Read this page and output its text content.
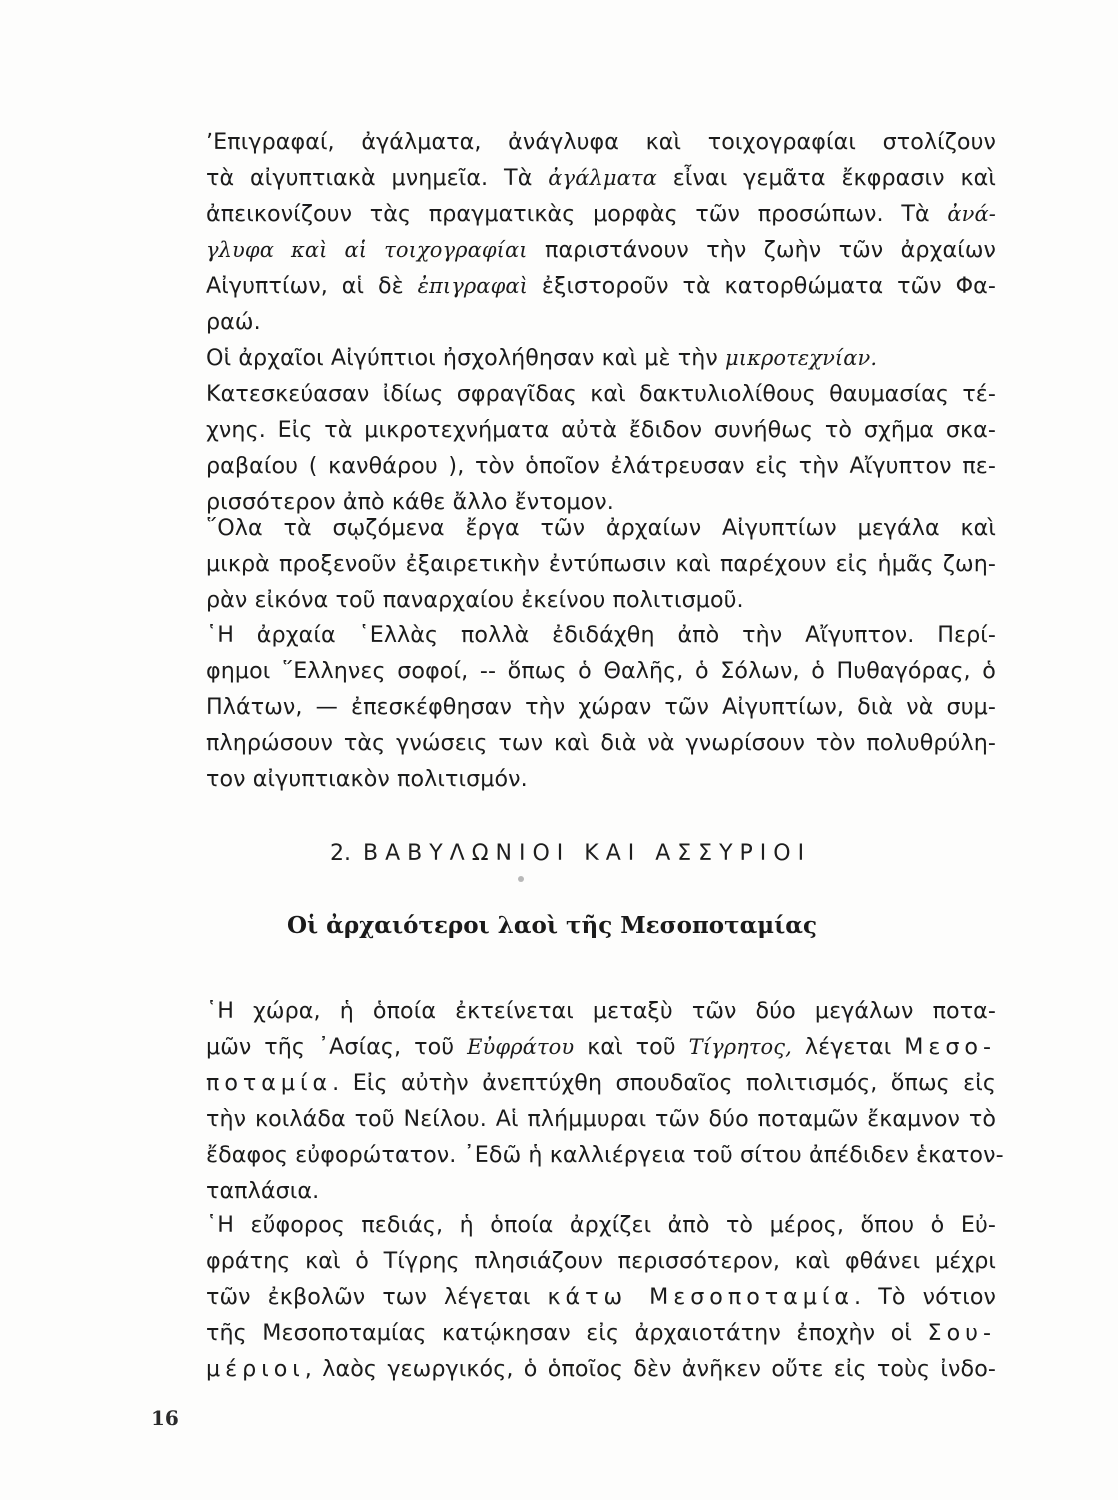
ʼΕπιγραφαί, ἀγάλματα, ἀνάγλυφα καὶ τοιχογραφίαι στολίζουν
τὰ αἰγυπτιακὰ μνημεῖα. Τὰ ἀγάλματα εἶναι γεμᾶτα ἔκφρασιν καὶ
ἀπεικονίζουν τὰς πραγματικὰς μορφὰς τῶν προσώπων. Τὰ ἀνά-
γλυφα καὶ αἱ τοιχογραφίαι παριστάνουν τὴν ζωὴν τῶν ἀρχαίων
Αἰγυπτίων, αἱ δὲ ἐπιγραφαὶ ἐξιστοροῦν τὰ κατορθώματα τῶν Φα-
ραώ.
Οἱ ἀρχαῖοι Αἰγύπτιοι ἠσχολήθησαν καὶ μὲ τὴν μικροτεχνίαν.
Κατεσκεύασαν ἰδίως σφραγῖδας καὶ δακτυλιολίθους θαυμασίας τέ-
χνης. Εἰς τὰ μικροτεχνήματα αὐτὰ ἔδιδον συνήθως τὸ σχῆμα σκα-
ραβαίου ( κανθάρου ), τὸν ὁποῖον ἐλάτρευσαν εἰς τὴν Αἴγυπτον πε-
ρισσότερον ἀπὸ κάθε ἄλλο ἔντομον.
῞Ολα τὰ σῳζόμενα ἔργα τῶν ἀρχαίων Αἰγυπτίων μεγάλα καὶ
μικρὰ προξενοῦν ἐξαιρετικὴν ἐντύπωσιν καὶ παρέχουν εἰς ἡμᾶς ζωη-
ρὰν εἰκόνα τοῦ παναρχαίου ἐκείνου πολιτισμοῦ.
῾Η ἀρχαία ῾Ελλὰς πολλὰ ἐδιδάχθη ἀπὸ τὴν Αἴγυπτον. Περί-
φημοι ῞Ελληνες σοφοί, -- ὅπως ὁ Θαλῆς, ὁ Σόλων, ὁ Πυθαγόρας, ὁ
Πλάτων, — ἐπεσκέφθησαν τὴν χώραν τῶν Αἰγυπτίων, διὰ νὰ συμ-
πληρώσουν τὰς γνώσεις των καὶ διὰ νὰ γνωρίσουν τὸν πολυθρύλη-
τον αἰγυπτιακὸν πολιτισμόν.
2. ΒΑΒΥΛΩΝΙΟΙ ΚΑΙ ΑΣΣΥΡΙΟΙ
Οἱ ἀρχαιότεροι λαοὶ τῆς Μεσοποταμίας
῾Η χώρα, ἡ ὁποία ἐκτείνεται μεταξὺ τῶν δύο μεγάλων ποτα-
μῶν τῆς ᾿Ασίας, τοῦ Εὐφράτου καὶ τοῦ Τίγρητος, λέγεται Μεσο-
ποταμία. Εἰς αὐτὴν ἀνεπτύχθη σπουδαῖος πολιτισμός, ὅπως εἰς
τὴν κοιλάδα τοῦ Νείλου. Αἱ πλήμμυραι τῶν δύο ποταμῶν ἔκαμνον τὸ
ἔδαφος εὐφορώτατον. ᾿Εδῶ ἡ καλλιέργεια τοῦ σίτου ἀπέδιδεν ἑκατον-
ταπλάσια.
῾Η εὔφορος πεδιάς, ἡ ὁποία ἀρχίζει ἀπὸ τὸ μέρος, ὅπου ὁ Εὐ-
φράτης καὶ ὁ Τίγρης πλησιάζουν περισσότερον, καὶ φθάνει μέχρι
τῶν ἐκβολῶν των λέγεται κάτω Μεσοποταμία. Τὸ νότιον
τῆς Μεσοποταμίας κατῴκησαν εἰς ἀρχαιοτάτην ἐποχὴν οἱ Σου-
μέριοι, λαὸς γεωργικός, ὁ ὁποῖος δὲν ἀνῆκεν οὔτε εἰς τοὺς ἰνδο-
16
